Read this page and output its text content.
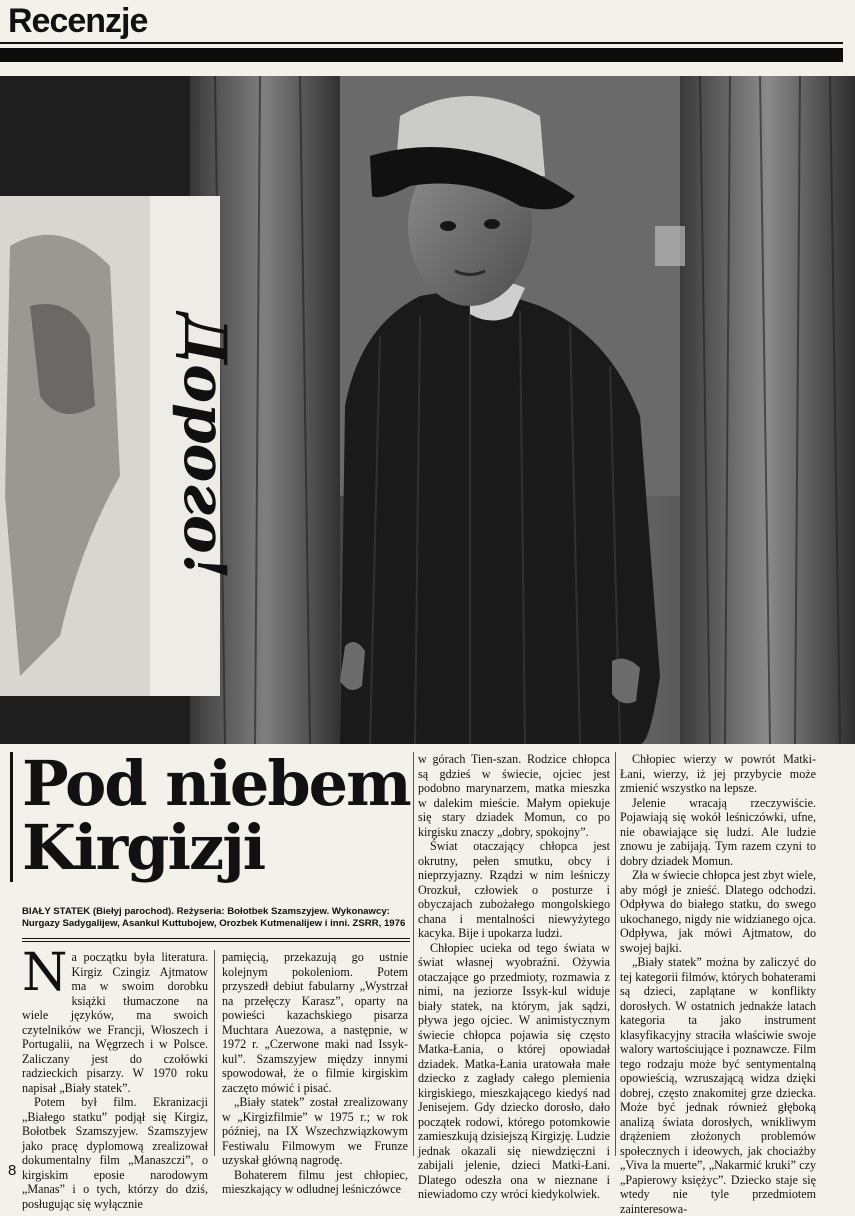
Recenzje
Дорого!
Pod niebem
Kirgizji
BIAŁY STATEK (Biełyj parochod). Reżyseria: Bołotbek Szamszyjew. Wykonawcy: Nurgazy Sadygalijew, Asankul Kuttubojew, Orozbek Kutmenalijew i inni. ZSRR, 1976

Na początku była literatura. Kirgiz Czingiz Ajtmatow ma w swoim dorobku książki tłumaczone na wiele języków, ma swoich czytelników we Francji, Włoszech i Portugalii, na Węgrzech i w Polsce. Zaliczany jest do czołówki radzieckich pisarzy. W 1970 roku napisał „Biały statek”.

Potem był film. Ekranizacji „Białego statku” podjął się Kirgiz, Bołotbek Szamszyjew. Szamszyjew jako pracę dyplomową zrealizował dokumentalny film „Manaszczi”, o kirgiskim eposie narodowym „Manas” i o tych, którzy do dziś, posługując się wyłącznie

pamięcią, przekazują go ustnie kolejnym pokoleniom. Potem przyszedł debiut fabularny „Wystrzał na przełęczy Karasz”, oparty na powieści kazachskiego pisarza Muchtara Auezowa, a następnie, w 1972 r. „Czerwone maki nad Issyk-kul”. Szamszyjew między innymi spowodował, że o filmie kirgiskim zaczęto mówić i pisać.

„Biały statek” został zrealizowany w „Kirgizfilmie” w 1975 r.; w rok później, na IX Wszechzwiązkowym Festiwalu Filmowym we Frunze uzyskał główną nagrodę.

Bohaterem filmu jest chłopiec, mieszkający w odludnej leśniczówce

w górach Tien-szan. Rodzice chłopca są gdzieś w świecie, ojciec jest podobno marynarzem, matka mieszka w dalekim mieście. Małym opiekuje się stary dziadek Momun, co po kirgisku znaczy „dobry, spokojny”.

Świat otaczający chłopca jest okrutny, pełen smutku, obcy i nieprzyjazny. Rządzi w nim leśniczy Orozkuł, człowiek o posturze i obyczajach zubożałego mongolskiego chana i mentalności niewyżytego kacyka. Bije i upokarza ludzi.

Chłopiec ucieka od tego świata w świat własnej wyobraźni. Ożywia otaczające go przedmioty, rozmawia z nimi, na jeziorze Issyk-kul widuje biały statek, na którym, jak sądzi, pływa jego ojciec. W animistycznym świecie chłopca pojawia się często Matka-Łania, o której opowiadał dziadek. Matka-Łania uratowała małe dziecko z zagłady całego plemienia kirgiskiego, mieszkającego kiedyś nad Jenisejem. Gdy dziecko dorosło, dało początek rodowi, którego potomkowie zamieszkują dzisiejszą Kirgizję. Ludzie jednak okazali się niewdzięczni i zabijali jelenie, dzieci Matki-Łani. Dlatego odeszła ona w nieznane i niewiadomo czy wróci kiedykolwiek.

Chłopiec wierzy w powrót Matki-Łani, wierzy, iż jej przybycie może zmienić wszystko na lepsze.

Jelenie wracają rzeczywiście. Pojawiają się wokół leśniczówki, ufne, nie obawiające się ludzi. Ale ludzie znowu je zabijają. Tym razem czyni to dobry dziadek Momun.

Zła w świecie chłopca jest zbyt wiele, aby mógł je znieść. Dlatego odchodzi. Odpływa do białego statku, do swego ukochanego, nigdy nie widzianego ojca. Odpływa, jak mówi Ajtmatow, do swojej bajki.

„Biały statek” można by zaliczyć do tej kategorii filmów, których bohaterami są dzieci, zaplątane w konflikty dorosłych. W ostatnich jednakże latach kategoria ta jako instrument klasyfikacyjny straciła właściwie swoje walory wartościujące i poznawcze. Film tego rodzaju może być sentymentalną opowieścią, wzruszającą widza dzięki dobrej, często znakomitej grze dziecka. Może być jednak również głęboką analizą świata dorosłych, wnikliwym drążeniem złożonych problemów społecznych i ideowych, jak chociażby „Viva la muerte”, „Nakarmić kruki” czy „Papierowy księżyc”. Dziecko staje się wtedy nie tyle przedmiotem zainteresowa-

8
